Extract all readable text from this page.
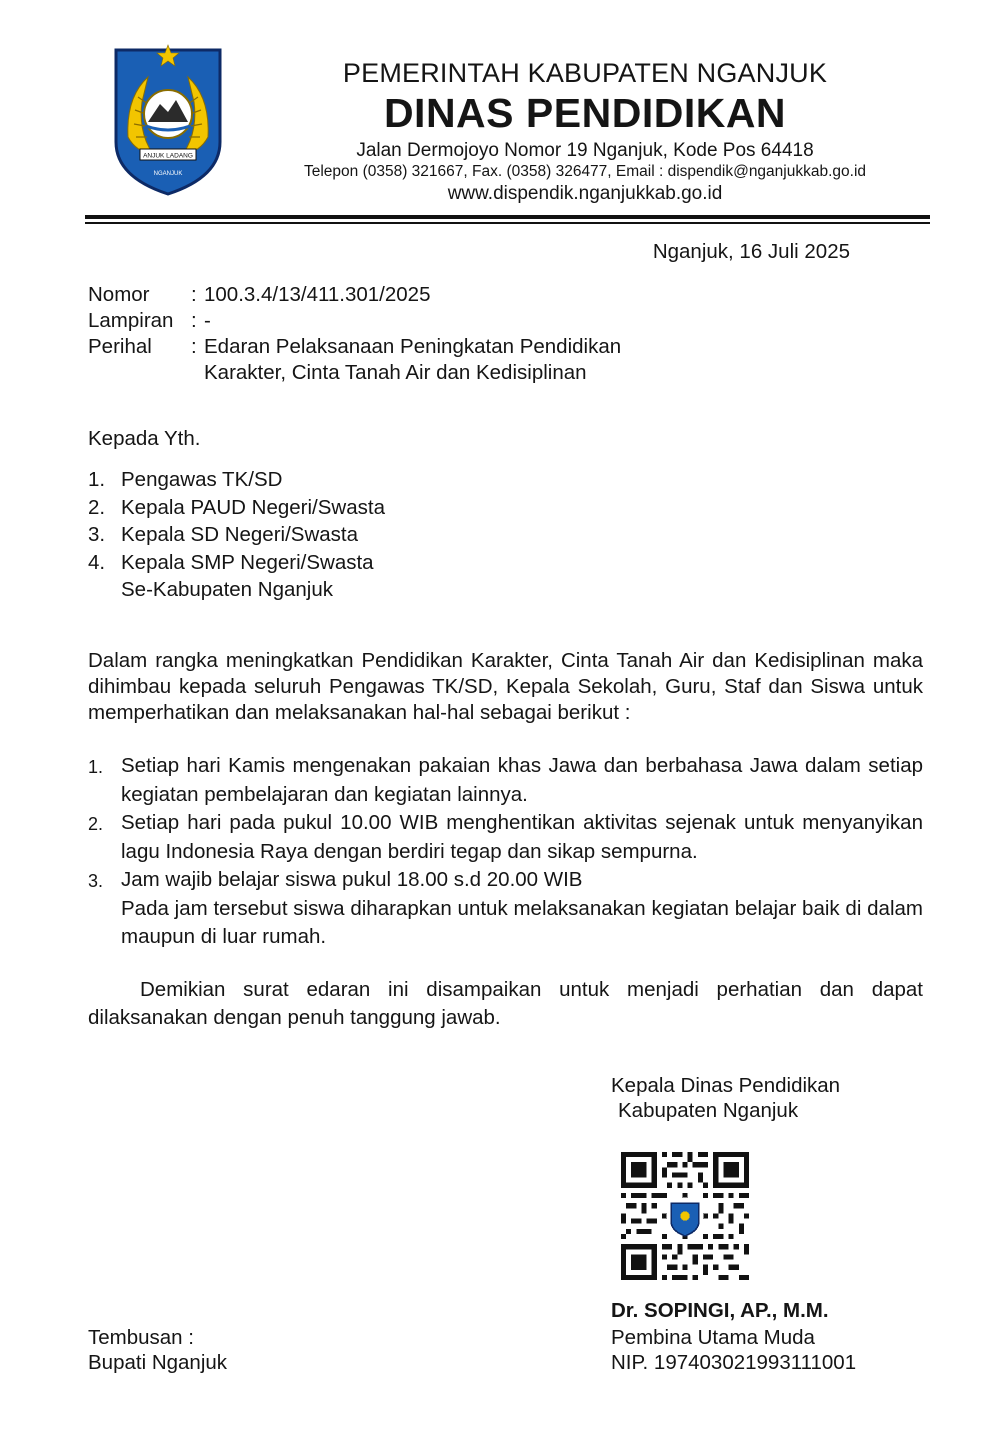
ANJUK LADANG
NGANJUK
PEMERINTAH KABUPATEN NGANJUK
DINAS PENDIDIKAN
Jalan Dermojoyo Nomor 19 Nganjuk, Kode Pos 64418
Telepon (0358) 321667, Fax. (0358) 326477, Email : dispendik@nganjukkab.go.id
www.dispendik.nganjukkab.go.id
Nganjuk, 16 Juli 2025
Nomor	: 100.3.4/13/411.301/2025
Lampiran : -
Perihal	: Edaran Pelaksanaan Peningkatan Pendidikan
Karakter, Cinta Tanah Air dan Kedisiplinan
Kepada Yth.
1. Pengawas TK/SD
2. Kepala PAUD Negeri/Swasta
3. Kepala SD Negeri/Swasta
4. Kepala SMP Negeri/Swasta
Se-Kabupaten Nganjuk
Dalam rangka meningkatkan Pendidikan Karakter, Cinta Tanah Air dan Kedisiplinan maka dihimbau kepada seluruh Pengawas TK/SD, Kepala Sekolah, Guru, Staf dan Siswa untuk memperhatikan dan melaksanakan hal-hal sebagai berikut :
1. Setiap hari Kamis mengenakan pakaian khas Jawa dan berbahasa Jawa dalam setiap kegiatan pembelajaran dan kegiatan lainnya.
2. Setiap hari pada pukul 10.00 WIB menghentikan aktivitas sejenak untuk menyanyikan lagu Indonesia Raya dengan berdiri tegap dan sikap sempurna.
3. Jam wajib belajar siswa pukul 18.00 s.d 20.00 WIB
Pada jam tersebut siswa diharapkan untuk melaksanakan kegiatan belajar baik di dalam maupun di luar rumah.
Demikian surat edaran ini disampaikan untuk menjadi perhatian dan dapat dilaksanakan dengan penuh tanggung jawab.
Kepala Dinas Pendidikan
Kabupaten Nganjuk
Dr. SOPINGI, AP., M.M.
Pembina Utama Muda
NIP. 197403021993111001
Tembusan :
Bupati Nganjuk
